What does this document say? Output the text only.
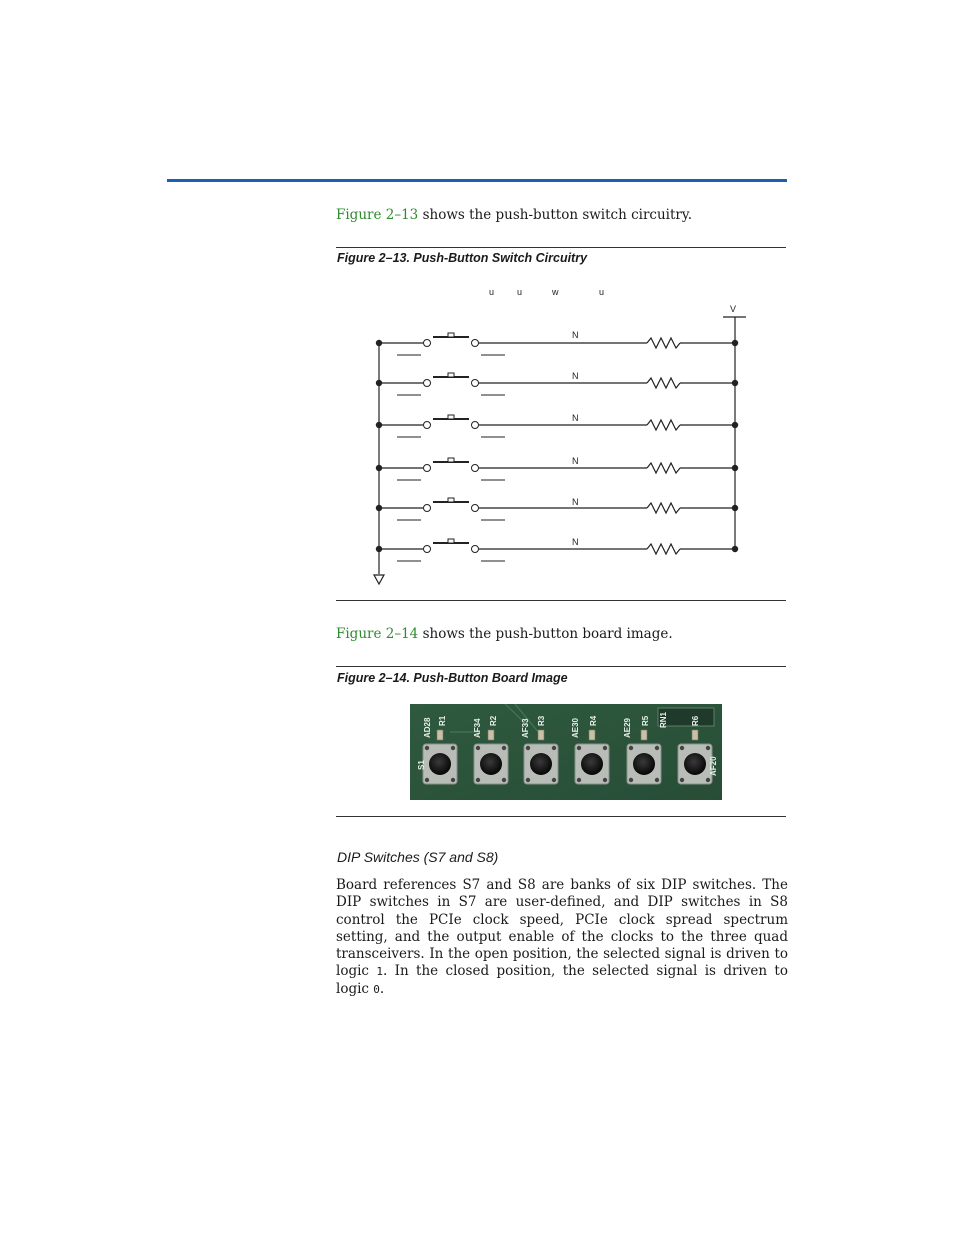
Figure 2–13 shows the push-button switch circuitry.
Figure 2–13. Push-Button Switch Circuitry
u	u	w	u
V
N
N
N
N
N
N
Figure 2–14 shows the push-button board image.
Figure 2–14. Push-Button Board Image
AD28 R1	AF34 R2	AF33 R3	AE30 R4	AE29 R5 RN1	R6
AF20
S1
DIP Switches (S7 and S8)
Board references S7 and S8 are banks of six DIP switches. The DIP switches in S7 are user-defined, and DIP switches in S8 control the PCIe clock speed, PCIe clock spread spectrum setting, and the output enable of the clocks to the three quad transceivers. In the open position, the selected signal is driven to logic 1. In the closed position, the selected signal is driven to logic 0.
